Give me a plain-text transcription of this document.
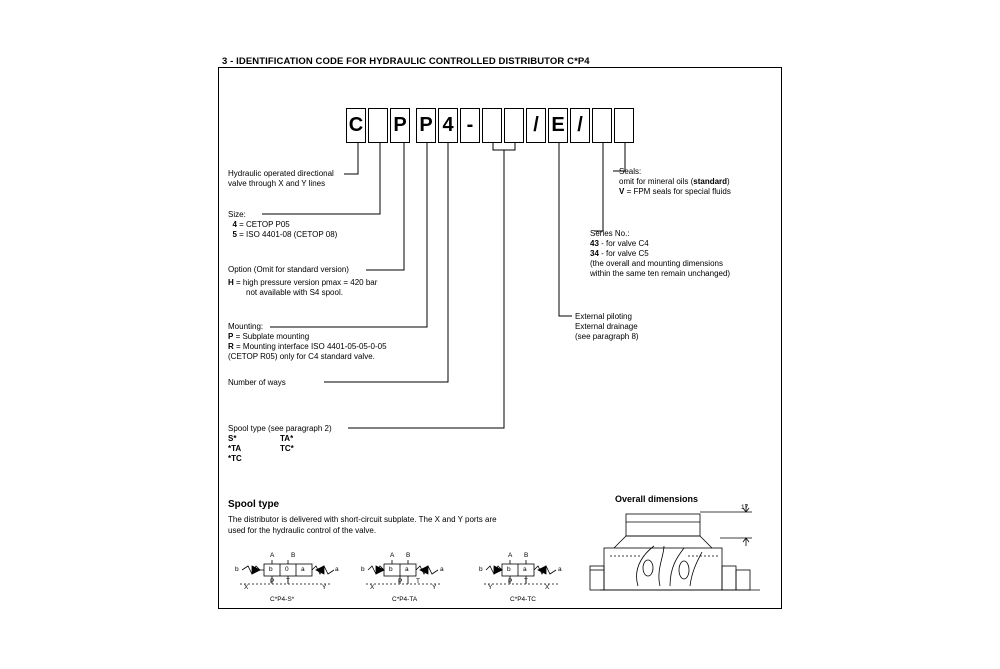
3 - IDENTIFICATION CODE FOR HYDRAULIC CONTROLLED DISTRIBUTOR C*P4
C P P 4 -	/ E /
Hydraulic operated directional
valve through X and Y lines
Size:
4 = CETOP P05
5 = ISO 4401-08 (CETOP 08)
Option (Omit for standard version)
H = high pressure version pmax = 420 bar
not available with S4 spool.
Mounting:
P = Subplate mounting
R = Mounting interface ISO 4401-05-05-0-05
(CETOP R05) only for C4 standard valve.
Number of ways
Spool type (see paragraph 2)
S*
*TA
*TC
TA*
TC*
Seals:
omit for mineral oils (standard)
V = FPM seals for special fluids
Series No.:
43 - for valve C4
34 - for valve C5
(the overall and mounting dimensions
within the same ten remain unchanged)
External piloting
External drainage
(see paragraph 8)
Spool type
The distributor is delivered with short-circuit subplate. The X and Y ports are
used for the hydraulic control of the valve.
A	B
b 0 a
b	a
P T
X	Y
C*P4-S*
A B
b a
b	a
P T
X	Y
C*P4-TA
A B
b a
b	a
P T
Y	X
C*P4-TC
Overall dimensions
17
